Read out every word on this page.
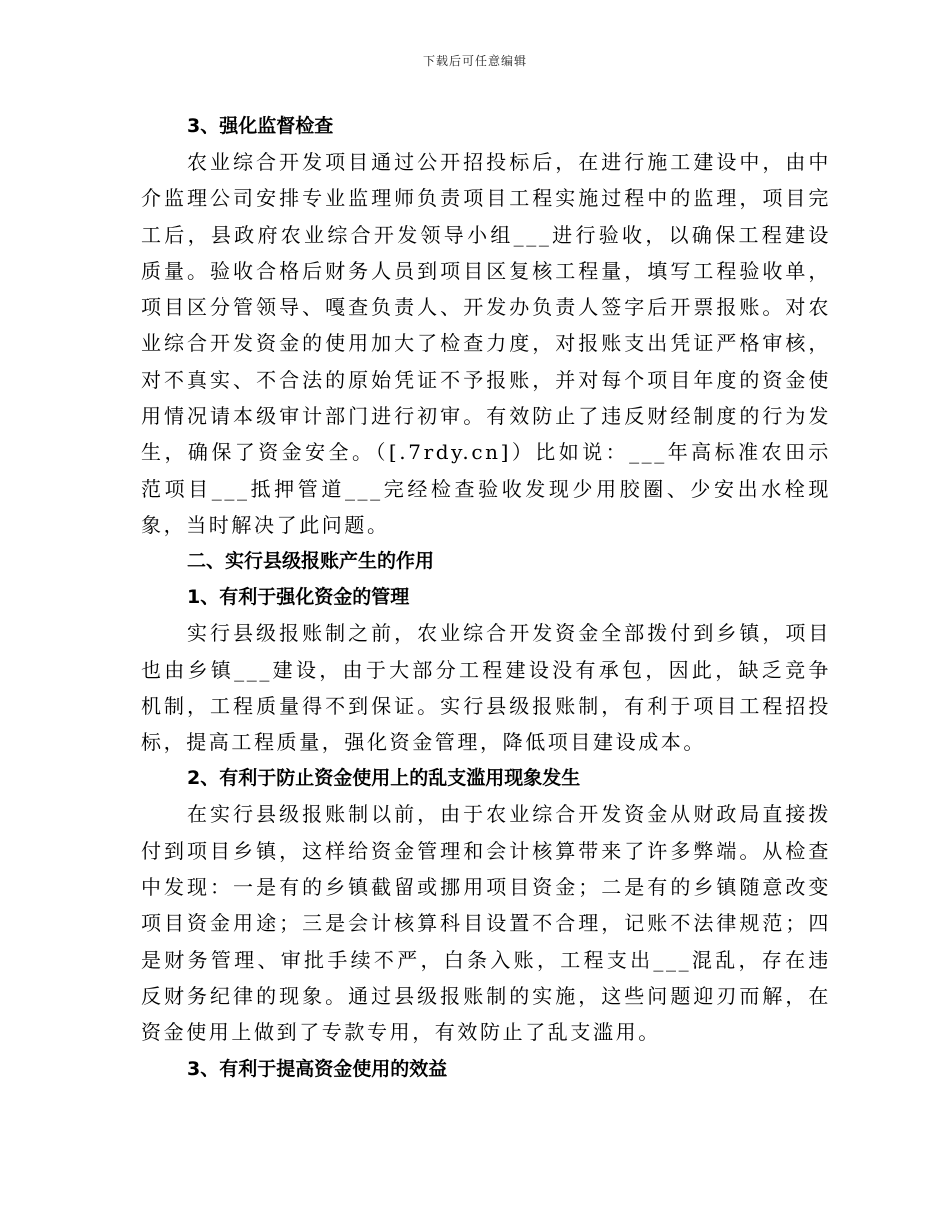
下载后可任意编辑
3、强化监督检查

农业综合开发项目通过公开招投标后，在进行施工建设中，由中介监理公司安排专业监理师负责项目工程实施过程中的监理，项目完工后，县政府农业综合开发领导小组___进行验收，以确保工程建设质量。验收合格后财务人员到项目区复核工程量，填写工程验收单，项目区分管领导、嘎查负责人、开发办负责人签字后开票报账。对农业综合开发资金的使用加大了检查力度，对报账支出凭证严格审核，对不真实、不合法的原始凭证不予报账，并对每个项目年度的资金使用情况请本级审计部门进行初审。有效防止了违反财经制度的行为发生，确保了资金安全。（[.7rdy.cn]）比如说：___年高标准农田示范项目___抵押管道___完经检查验收发现少用胶圈、少安出水栓现象，当时解决了此问题。

二、实行县级报账产生的作用
1、有利于强化资金的管理

实行县级报账制之前，农业综合开发资金全部拨付到乡镇，项目也由乡镇___建设，由于大部分工程建设没有承包，因此，缺乏竞争机制，工程质量得不到保证。实行县级报账制，有利于项目工程招投标，提高工程质量，强化资金管理，降低项目建设成本。

2、有利于防止资金使用上的乱支滥用现象发生

在实行县级报账制以前，由于农业综合开发资金从财政局直接拨付到项目乡镇，这样给资金管理和会计核算带来了许多弊端。从检查中发现：一是有的乡镇截留或挪用项目资金；二是有的乡镇随意改变项目资金用途；三是会计核算科目设置不合理，记账不法律规范；四是财务管理、审批手续不严，白条入账，工程支出___混乱，存在违反财务纪律的现象。通过县级报账制的实施，这些问题迎刃而解，在资金使用上做到了专款专用，有效防止了乱支滥用。

3、有利于提高资金使用的效益
